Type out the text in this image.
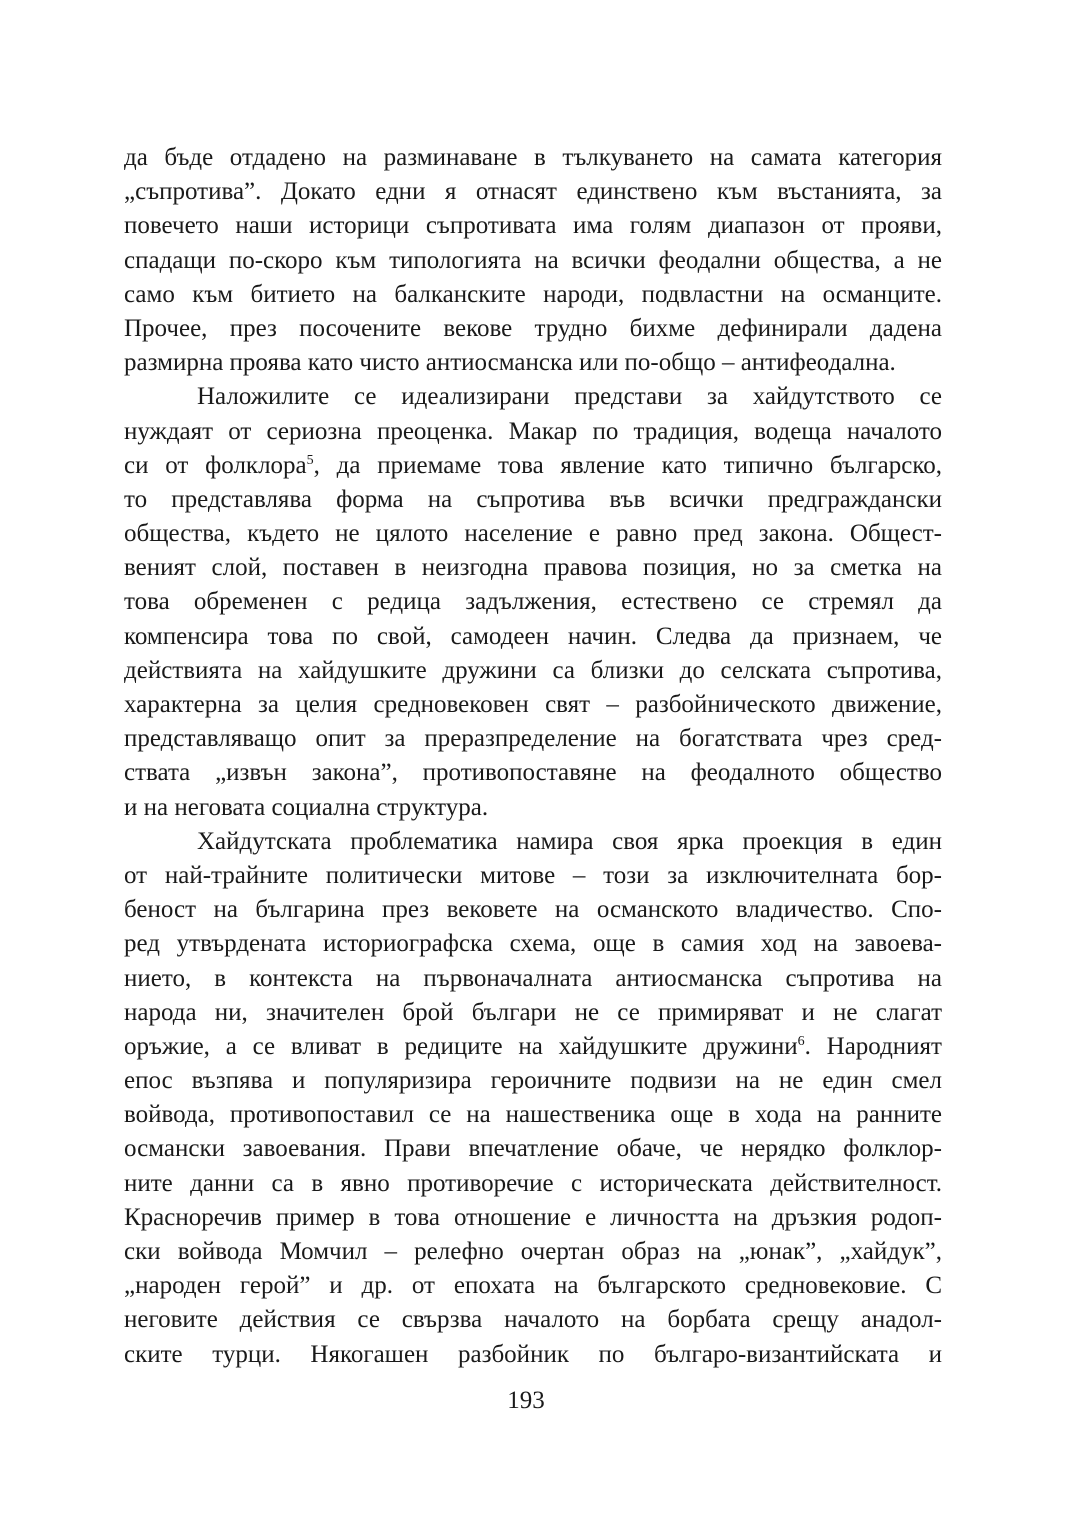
да бъде отдадено на разминаване в тълкуването на самата категория
„съпротива”. Докато едни я отнасят единствено към въстанията, за
повечето наши историци съпротивата има голям диапазон от прояви,
спадащи по-скоро към типологията на всички феодални общества, а не
само към битието на балканските народи, подвластни на османците.
Прочее, през посочените векове трудно бихме дефинирали дадена
размирна проява като чисто антиосманска или по-общо – антифеодална.
Наложилите се идеализирани представи за хайдутството се
нуждаят от сериозна преоценка. Макар по традиция, водеща началото
си от фолклора$^5$, да приемаме това явление като типично българско,
то представлява форма на съпротива във всички предграждански
общества, където не цялото население е равно пред закона. Общест-
веният слой, поставен в неизгодна правова позиция, но за сметка на
това обременен с редица задължения, естествено се стремял да
компенсира това по свой, самодеен начин. Следва да признаем, че
действията на хайдушките дружини са близки до селската съпротива,
характерна за целия средновековен свят – разбойническото движение,
представляващо опит за преразпределение на богатствата чрез сред-
ствата „извън закона”, противопоставяне на феодалното общество
и на неговата социална структура.
Хайдутската проблематика намира своя ярка проекция в един
от най-трайните политически митове – този за изключителната бор-
беност на българина през вековете на османското владичество. Спо-
ред утвърдената историографска схема, още в самия ход на завоева-
нието, в контекста на първоначалната антиосманска съпротива на
народа ни, значителен брой българи не се примиряват и не слагат
оръжие, а се вливат в редиците на хайдушките дружини$^6$. Народният
епос възпява и популяризира героичните подвизи на не един смел
войвода, противопоставил се на нашественика още в хода на ранните
османски завоевания. Прави впечатление обаче, че нерядко фолклор-
ните данни са в явно противоречие с историческата действителност.
Красноречив пример в това отношение е личността на дръзкия родоп-
ски войвода Момчил – релефно очертан образ на „юнак”, „хайдук”,
„народен герой” и др. от епохата на българското средновековие. С
неговите действия се свързва началото на борбата срещу анадол-
ските турци. Някогашен разбойник по българо-византийската и
193
